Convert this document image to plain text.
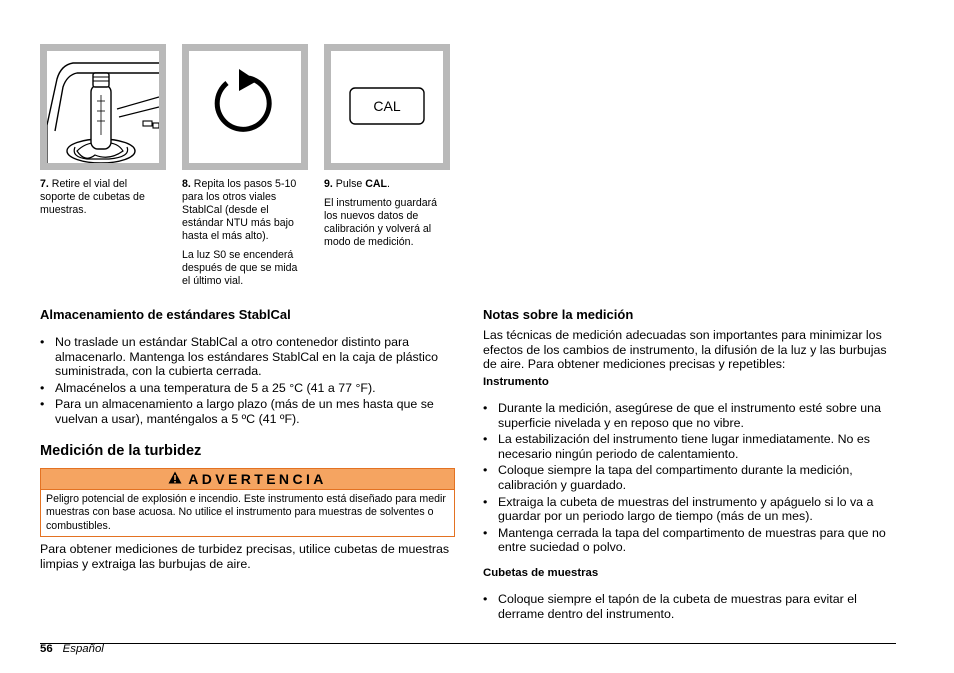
CAL

7. Retire el vial del soporte de cubetas de muestras.

8. Repita los pasos 5-10 para los otros viales StablCal (desde el estándar NTU más bajo hasta el más alto).

La luz S0 se encenderá después de que se mida el último vial.

9. Pulse CAL.

El instrumento guardará los nuevos datos de calibración y volverá al modo de medición.

Almacenamiento de estándares StablCal
• No traslade un estándar StablCal a otro contenedor distinto para almacenarlo. Mantenga los estándares StablCal en la caja de plástico suministrada, con la cubierta cerrada.
• Almacénelos a una temperatura de 5 a 25 °C (41 a 77 °F).
• Para un almacenamiento a largo plazo (más de un mes hasta que se vuelvan a usar), manténgalos a 5 ºC (41 ºF).
Medición de la turbidez
ADVERTENCIA
Peligro potencial de explosión e incendio. Este instrumento está diseñado para medir muestras con base acuosa. No utilice el instrumento para muestras de solventes o combustibles.
Para obtener mediciones de turbidez precisas, utilice cubetas de muestras limpias y extraiga las burbujas de aire.
Notas sobre la medición
Las técnicas de medición adecuadas son importantes para minimizar los efectos de los cambios de instrumento, la difusión de la luz y las burbujas de aire. Para obtener mediciones precisas y repetibles:
Instrumento
• Durante la medición, asegúrese de que el instrumento esté sobre una superficie nivelada y en reposo que no vibre.
• La estabilización del instrumento tiene lugar inmediatamente. No es necesario ningún periodo de calentamiento.
• Coloque siempre la tapa del compartimento durante la medición, calibración y guardado.
• Extraiga la cubeta de muestras del instrumento y apáguelo si lo va a guardar por un periodo largo de tiempo (más de un mes).
• Mantenga cerrada la tapa del compartimento de muestras para que no entre suciedad o polvo.
Cubetas de muestras
• Coloque siempre el tapón de la cubeta de muestras para evitar el derrame dentro del instrumento.
56 Español
